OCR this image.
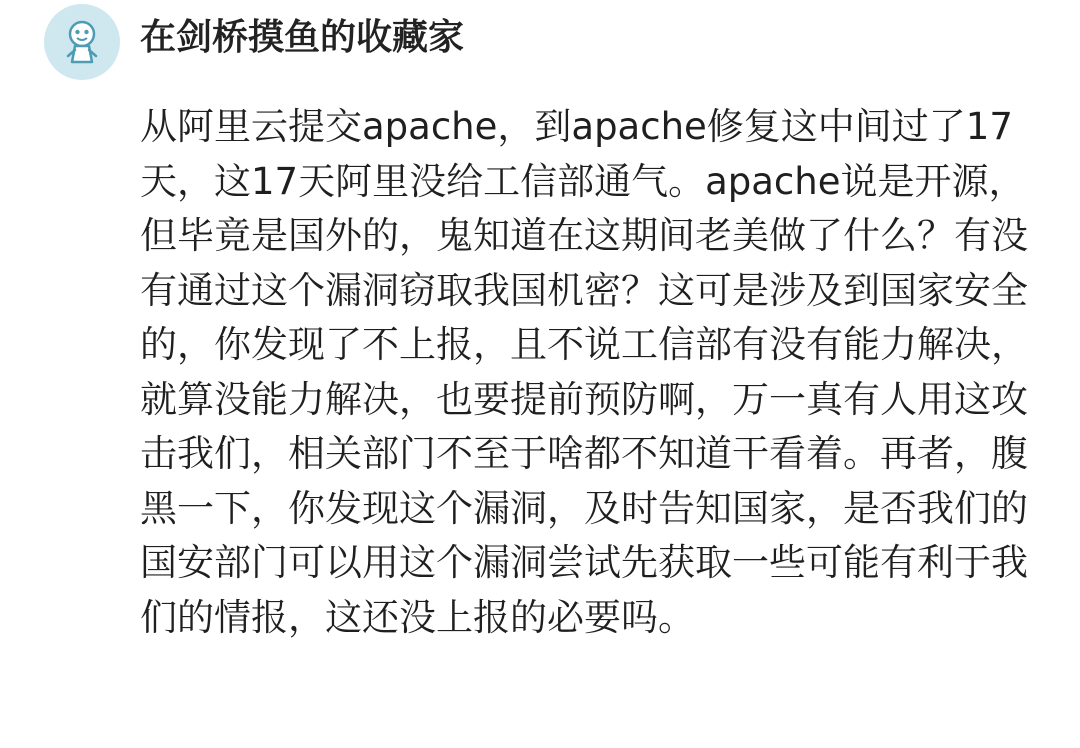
在剑桥摸鱼的收藏家

从阿里云提交apache，到apache修复这中间过了17天，这17天阿里没给工信部通气。apache说是开源，但毕竟是国外的，鬼知道在这期间老美做了什么？有没有通过这个漏洞窃取我国机密？这可是涉及到国家安全的，你发现了不上报，且不说工信部有没有能力解决，就算没能力解决，也要提前预防啊，万一真有人用这攻击我们，相关部门不至于啥都不知道干看着。再者，腹黑一下，你发现这个漏洞，及时告知国家，是否我们的国安部门可以用这个漏洞尝试先获取一些可能有利于我们的情报，这还没上报的必要吗。
